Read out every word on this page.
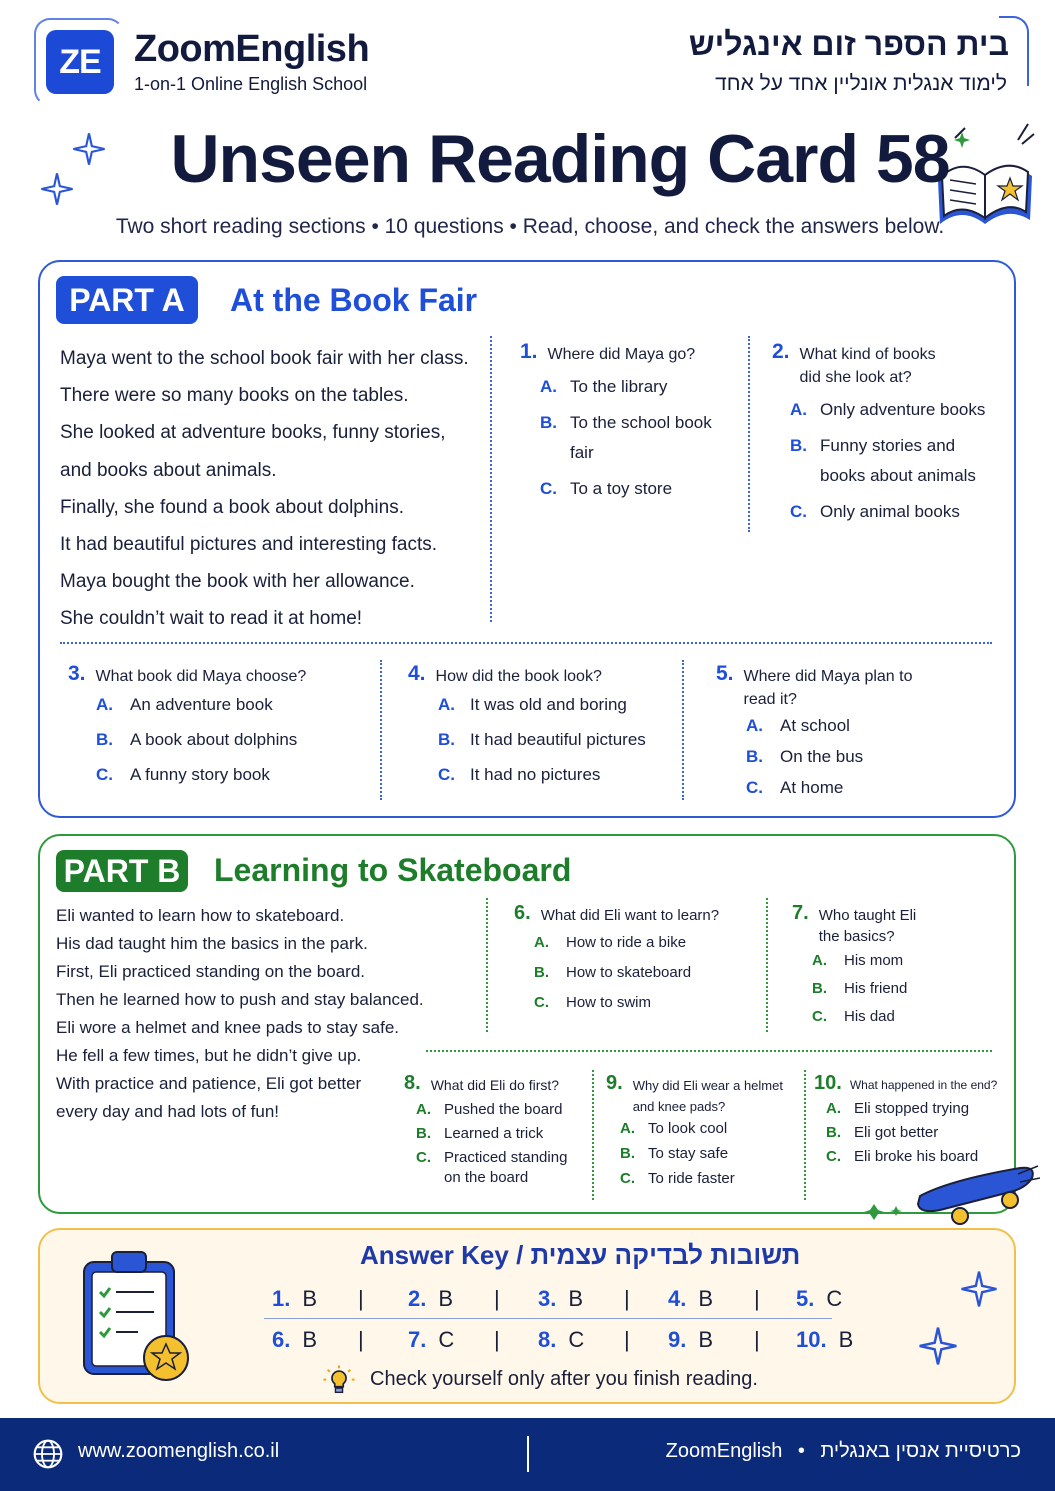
ZE ZoomEnglish
1-on-1 Online English School
בית הספר זום אינגליש
לימוד אנגלית אונליין אחד על אחד
Unseen Reading Card 58
Two short reading sections • 10 questions • Read, choose, and check the answers below.
PART A	At the Book Fair
Maya went to the school book fair with her class.
There were so many books on the tables.
She looked at adventure books, funny stories,
and books about animals.
Finally, she found a book about dolphins.
It had beautiful pictures and interesting facts.
Maya bought the book with her allowance.
She couldn’t wait to read it at home!
1. Where did Maya go?
A. To the library
B. To the school book fair
C. To a toy store
2. What kind of books did she look at?
A. Only adventure books
B. Funny stories and books about animals
C. Only animal books
3. What book did Maya choose?
A.	An adventure book
B.	A book about dolphins
C.	A funny story book
4. How did the book look?
A. It was old and boring
B. It had beautiful pictures
C. It had no pictures
5. Where did Maya plan to read it?
A.	At school
B.	On the bus
C.	At home
PART B Learning to Skateboard
Eli wanted to learn how to skateboard.
His dad taught him the basics in the park.
First, Eli practiced standing on the board.
Then he learned how to push and stay balanced.
Eli wore a helmet and knee pads to stay safe.
He fell a few times, but he didn’t give up.
With practice and patience, Eli got better
every day and had lots of fun!
6. What did Eli want to learn?
A.	How to ride a bike
B.	How to skateboard
C.	How to swim
7. Who taught Eli the basics?
A.	His mom
B.	His friend
C.	His dad
8. What did Eli do first?
A. Pushed the board
B. Learned a trick
C. Practiced standing on the board
9. Why did Eli wear a helmet and knee pads?
A. To look cool
B. To stay safe
C. To ride faster
10. What happened in the end?
A. Eli stopped trying
B. Eli got better
C. Eli broke his board
Answer Key / תשובות לבדיקה עצמית
1. B |	2. B |	3. B |	4. B |	5. C
6. B |	7. C |	8. C |	9. B |	10. B
Check yourself only after you finish reading.
www.zoomenglish.co.il	ZoomEnglish • כרטיסיית אנסין באנגלית
